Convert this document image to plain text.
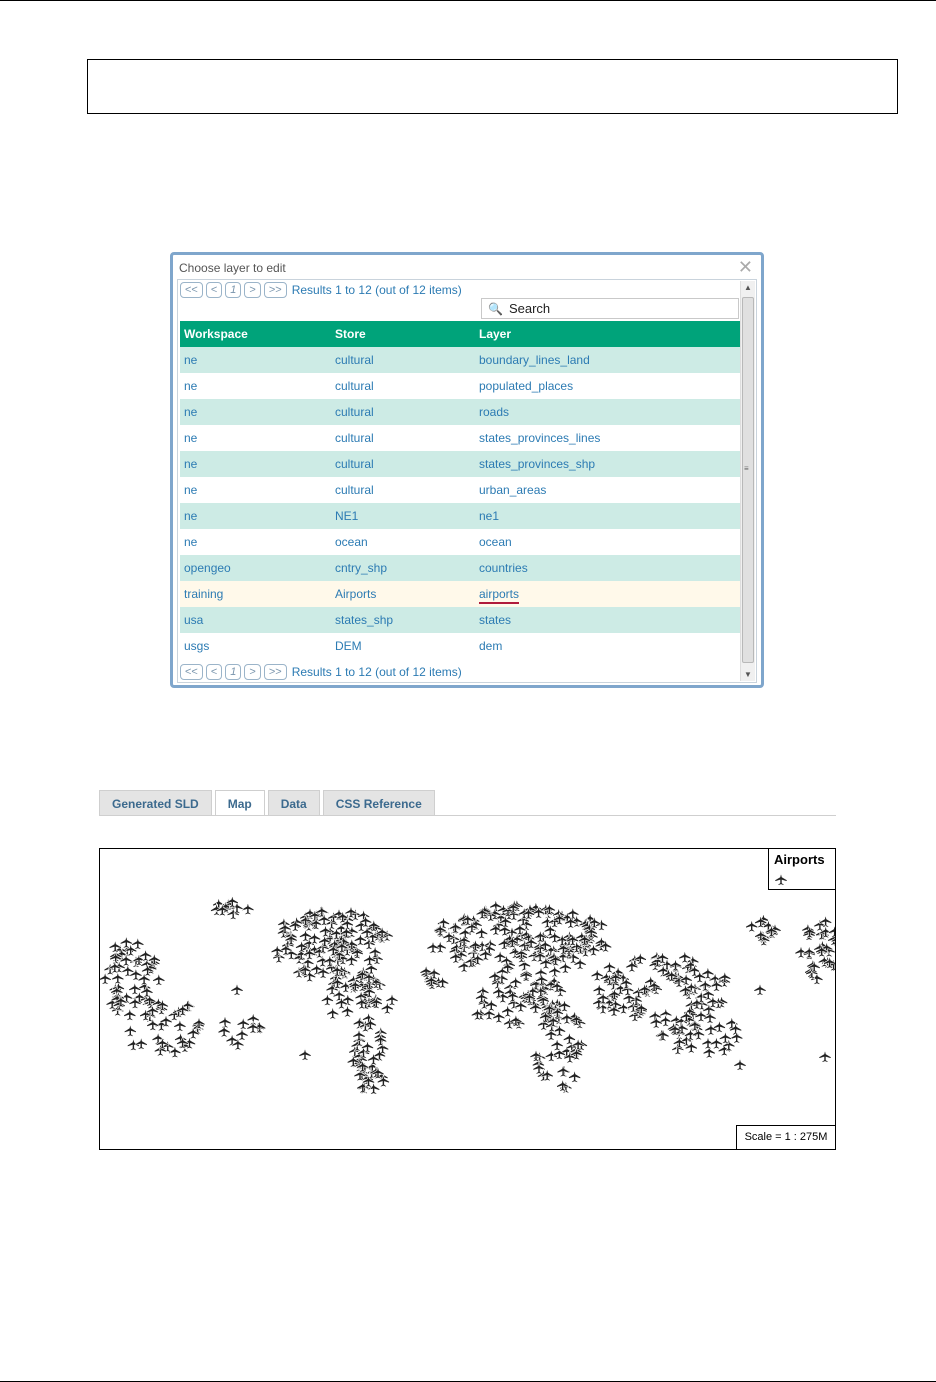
Choose layer to edit	✕
<<	<	1	>	>> Results 1 to 12 (out of 12 items)
🔍 Search
Workspace	Store	Layer
ne	cultural	boundary_lines_land
ne	cultural	populated_places
ne	cultural	roads
ne	cultural	states_provinces_lines
ne	cultural	states_provinces_shp
ne	cultural	urban_areas
ne	NE1	ne1
ne	ocean	ocean
opengeo	cntry_shp	countries
training	Airports	airports
usa	states_shp	states
usgs	DEM	dem
<<	<	1	>	>> Results 1 to 12 (out of 12 items)
▲
≡
▼
Generated SLD	Map	Data	CSS Reference
Airports
Scale = 1 : 275M
